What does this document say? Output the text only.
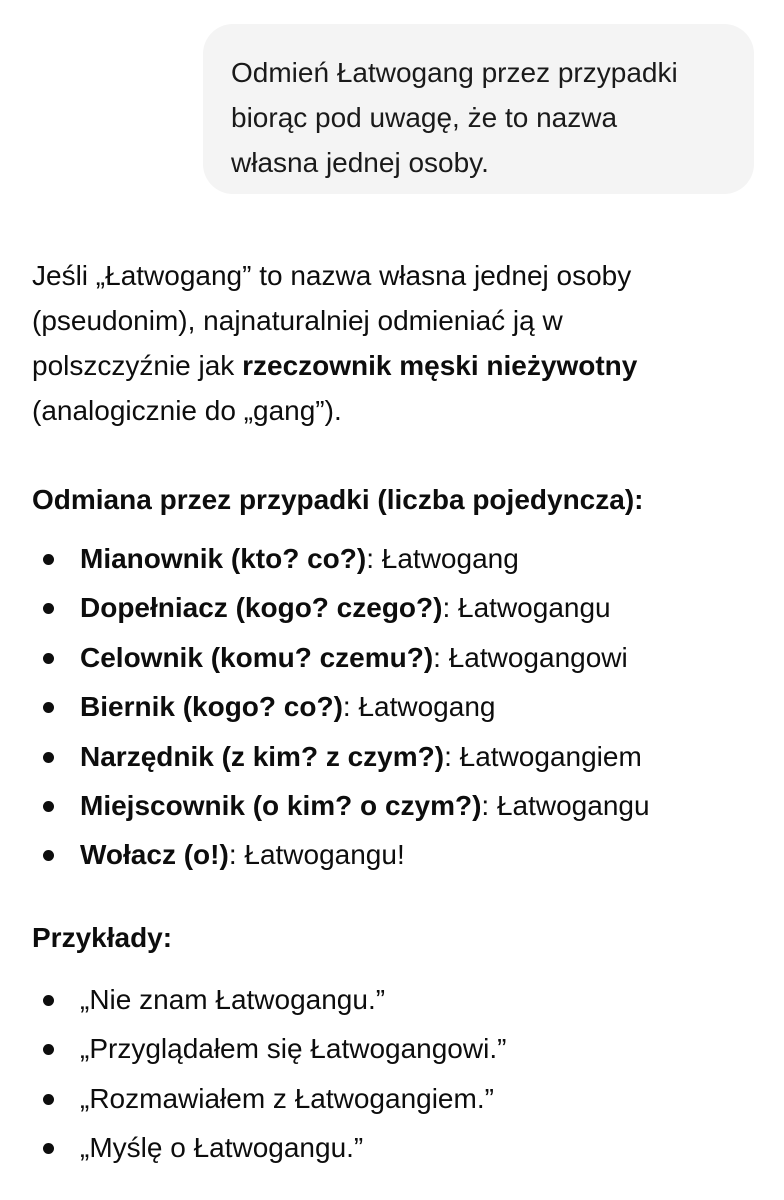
Odmień Łatwogang przez przypadki
biorąc pod uwagę, że to nazwa
własna jednej osoby.

Jeśli „Łatwogang” to nazwa własna jednej osoby
(pseudonim), najnaturalniej odmieniać ją w
polszczyźnie jak rzeczownik męski nieżywotny
(analogicznie do „gang”).

Odmiana przez przypadki (liczba pojedyncza):
Mianownik (kto? co?): Łatwogang
Dopełniacz (kogo? czego?): Łatwogangu
Celownik (komu? czemu?): Łatwogangowi
Biernik (kogo? co?): Łatwogang
Narzędnik (z kim? z czym?): Łatwogangiem
Miejscownik (o kim? o czym?): Łatwogangu
Wołacz (o!): Łatwogangu!
Przykłady:
„Nie znam Łatwogangu.”
„Przyglądałem się Łatwogangowi.”
„Rozmawiałem z Łatwogangiem.”
„Myślę o Łatwogangu.”
